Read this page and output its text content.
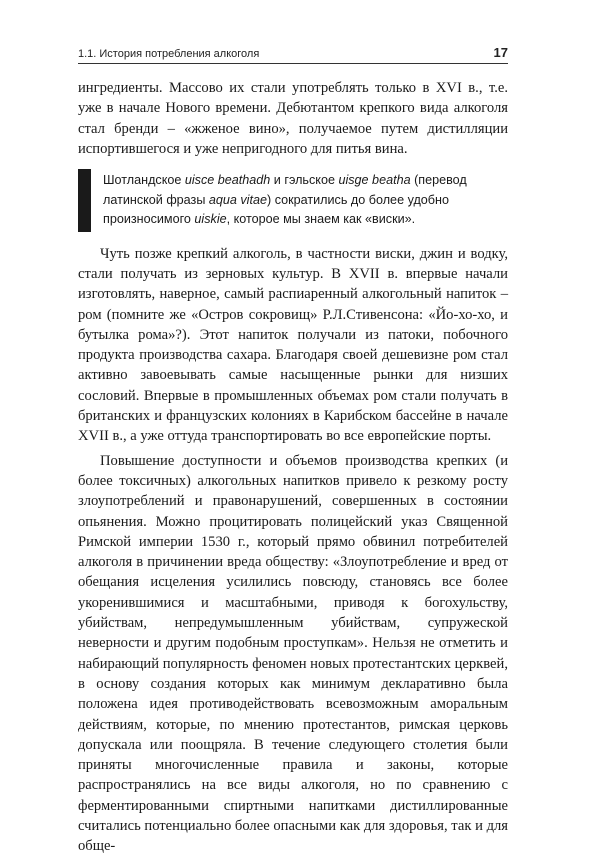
1.1. История потребления алкоголя	17

ингредиенты. Массово их стали употреблять только в XVI в., т.е. уже в начале Нового времени. Дебютантом крепкого вида алкоголя стал бренди – «жженое вино», получаемое путем дистилляции испортившегося и уже непригодного для питья вина.

Шотландское uisce beathadh и гэльское uisge beatha (перевод латинской фразы aqua vitae) сократились до более удобно произносимого uiskie, которое мы знаем как «виски».

Чуть позже крепкий алкоголь, в частности виски, джин и водку, стали получать из зерновых культур. В XVII в. впервые начали изготовлять, наверное, самый распиаренный алкогольный напиток – ром (помните же «Остров сокровищ» Р.Л.Стивенсона: «Йо-хо-хо, и бутылка рома»?). Этот напиток получали из патоки, побочного продукта производства сахара. Благодаря своей дешевизне ром стал активно завоевывать самые насыщенные рынки для низших сословий. Впервые в промышленных объемах ром стали получать в британских и французских колониях в Карибском бассейне в начале XVII в., а уже оттуда транспортировать во все европейские порты.

Повышение доступности и объемов производства крепких (и более токсичных) алкогольных напитков привело к резкому росту злоупотреблений и правонарушений, совершенных в состоянии опьянения. Можно процитировать полицейский указ Священной Римской империи 1530 г., который прямо обвинил потребителей алкоголя в причинении вреда обществу: «Злоупотребление и вред от обещания исцеления усилились повсюду, становясь все более укоренившимися и масштабными, приводя к богохульству, убийствам, непредумышленным убийствам, супружеской неверности и другим подобным проступкам». Нельзя не отметить и набирающий популярность феномен новых протестантских церквей, в основу создания которых как минимум декларативно была положена идея противодействовать всевозможным аморальным действиям, которые, по мнению протестантов, римская церковь допускала или поощряла. В течение следующего столетия были приняты многочисленные правила и законы, которые распространялись на все виды алкоголя, но по сравнению с ферментированными спиртными напитками дистиллированные считались потенциально более опасными как для здоровья, так и для обще-
